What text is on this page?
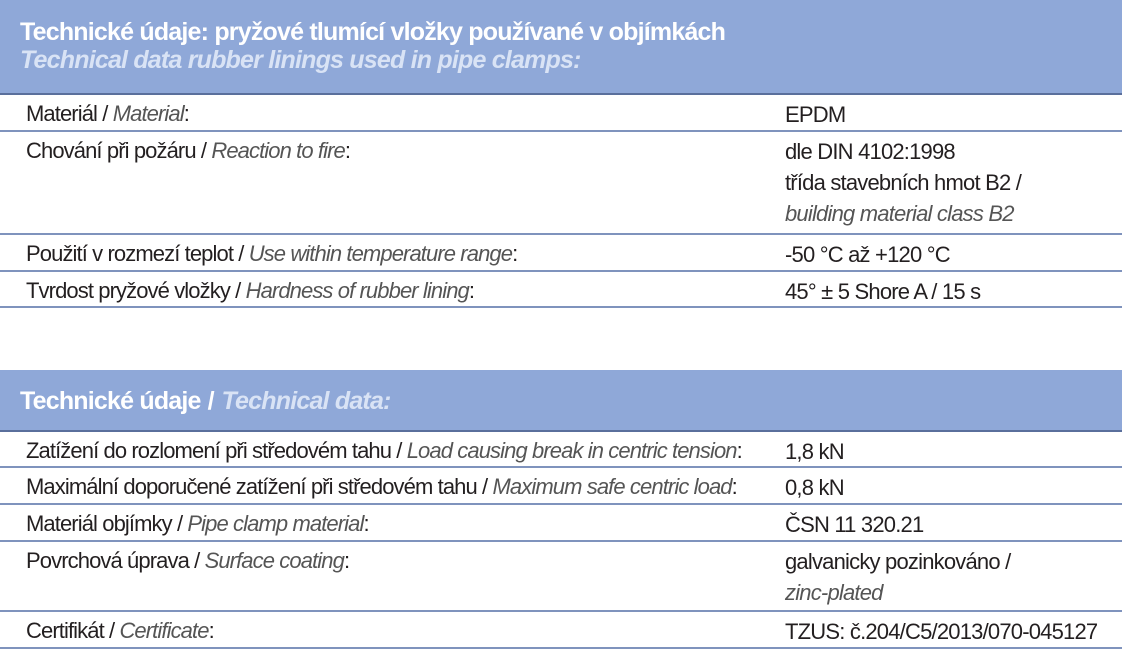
Technické údaje: pryžové tlumící vložky používané v objímkách
Technical data rubber linings used in pipe clamps:
Materiál / Material:	EPDM
Chování při požáru / Reaction to fire:	dle DIN 4102:1998
třída stavebních hmot B2 /
building material class B2
Použití v rozmezí teplot / Use within temperature range:	-50 °C až +120 °C
Tvrdost pryžové vložky / Hardness of rubber lining:	45° ± 5 Shore A / 15 s
Technické údaje / Technical data:
Zatížení do rozlomení při středovém tahu / Load causing break in centric tension: 1,8 kN
Maximální doporučené zatížení při středovém tahu / Maximum safe centric load: 0,8 kN
Materiál objímky / Pipe clamp material:	ČSN 11 320.21
Povrchová úprava / Surface coating:	galvanicky pozinkováno /
zinc-plated
Certifikát / Certificate:	TZUS: č.204/C5/2013/070-045127
